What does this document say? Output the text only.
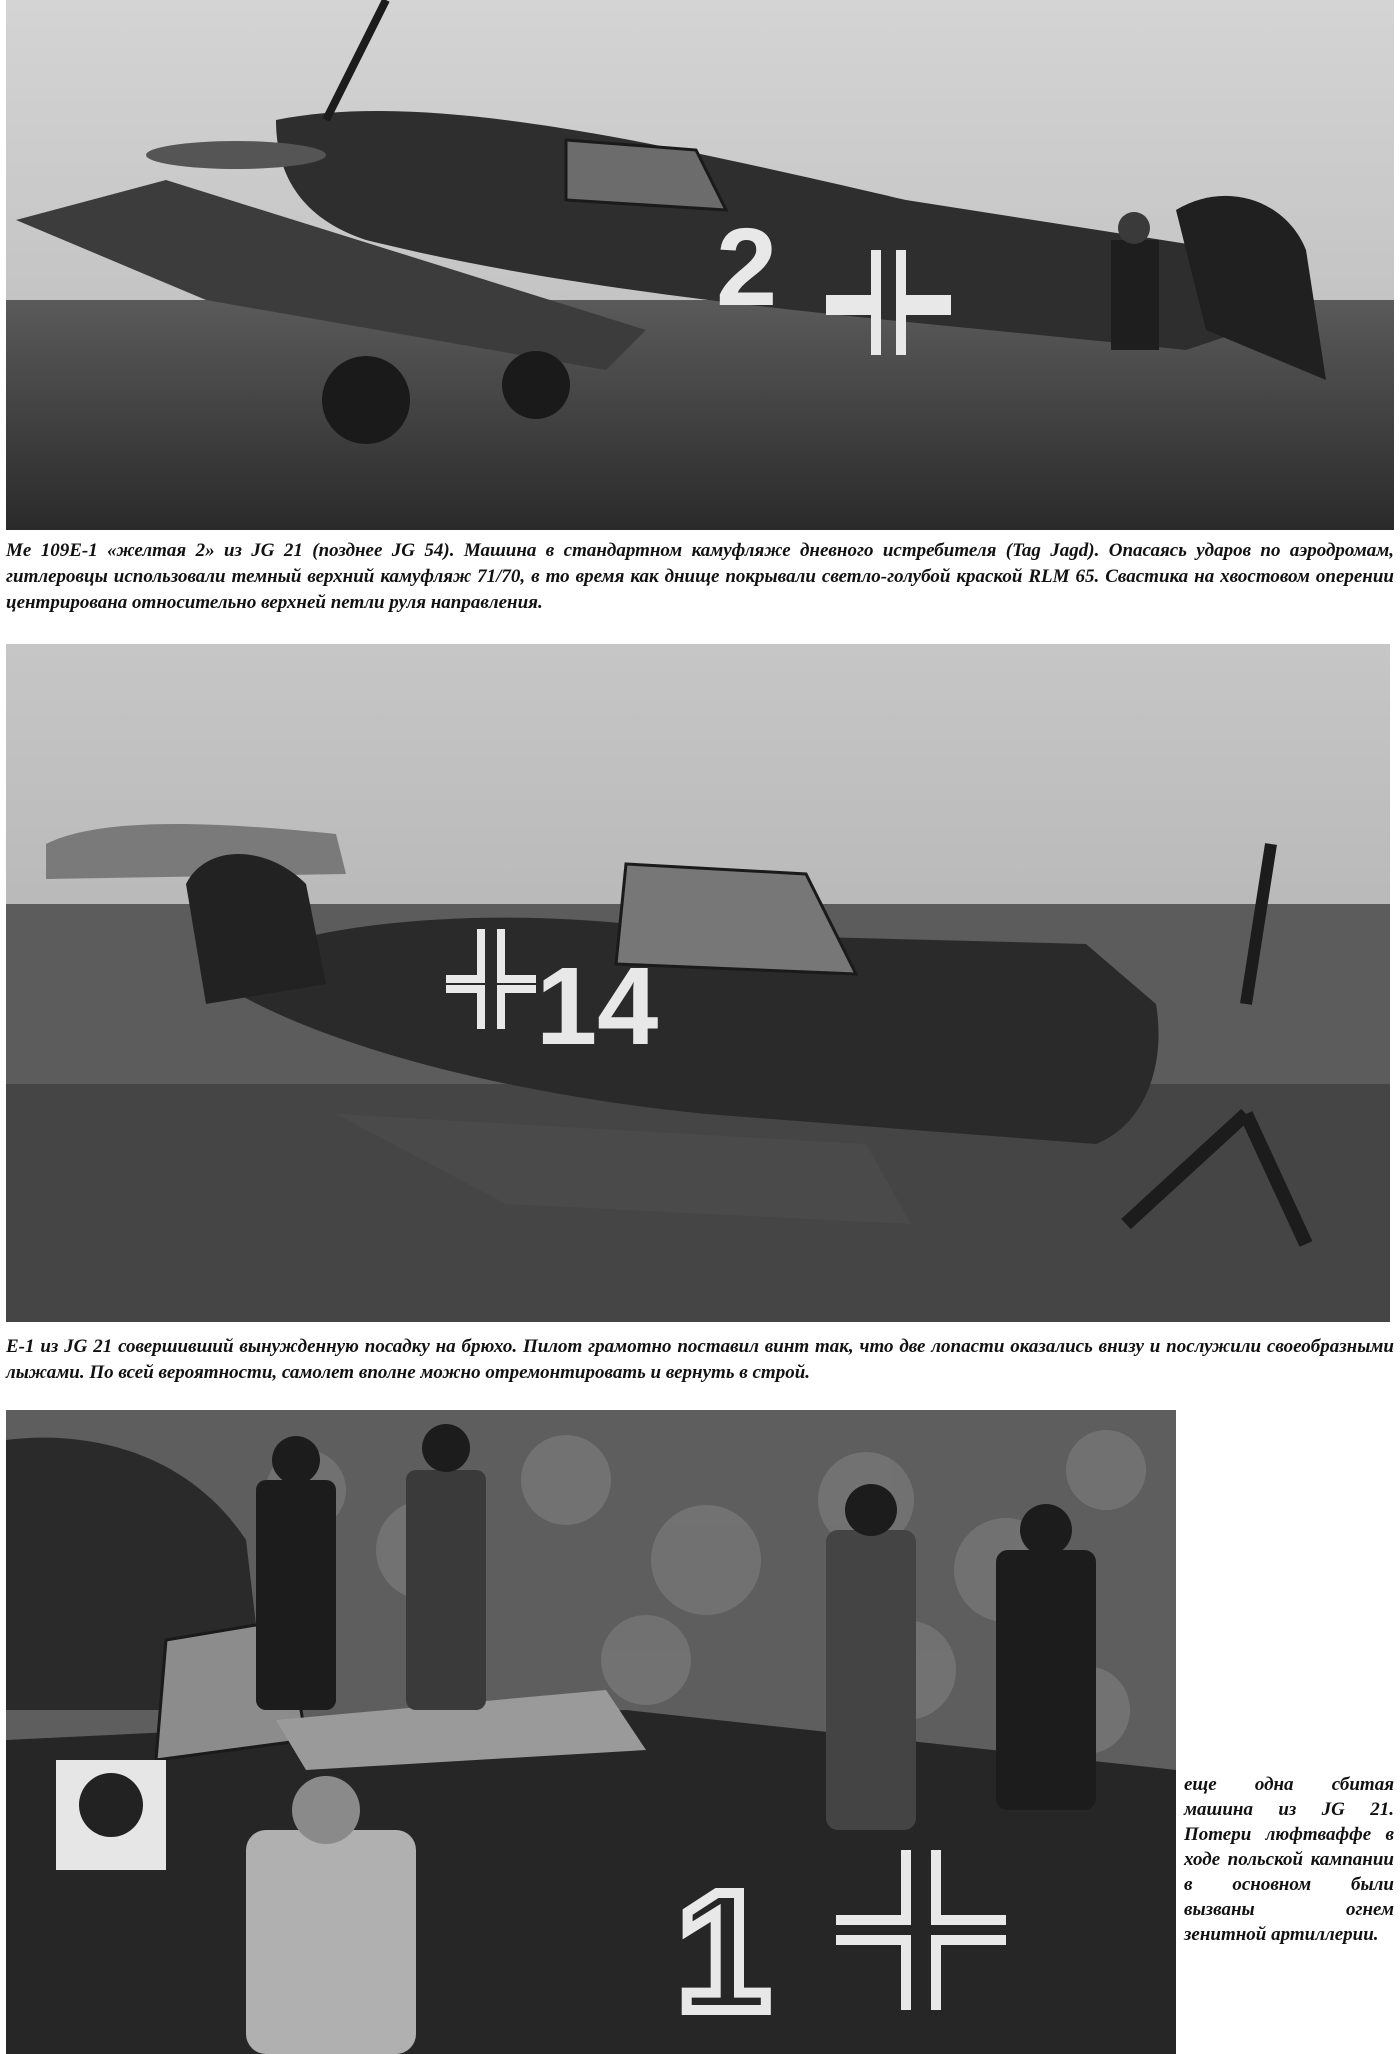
2

Me 109E-1 «желтая 2» из JG 21 (позднее JG 54). Машина в стандартном камуфляже дневного истребителя (Tag Jagd). Опасаясь ударов по аэродромам, гитлеровцы использовали темный верхний камуфляж 71/70, в то время как днище покрывали светло-голубой краской RLM 65. Свастика на хвостовом оперении центрирована относительно верхней петли руля направления.

14

Е-1 из JG 21 совершивший вынужденную посадку на брюхо. Пилот грамотно поставил винт так, что две лопасти оказались внизу и послужили своеобразными лыжами. По всей вероятности, самолет вполне можно отремонтировать и вернуть в строй.

1

еще одна сбитая машина из JG 21. Потери люфтваффе в ходе польской кампании в основном были вызваны огнем зенитной артиллерии.
